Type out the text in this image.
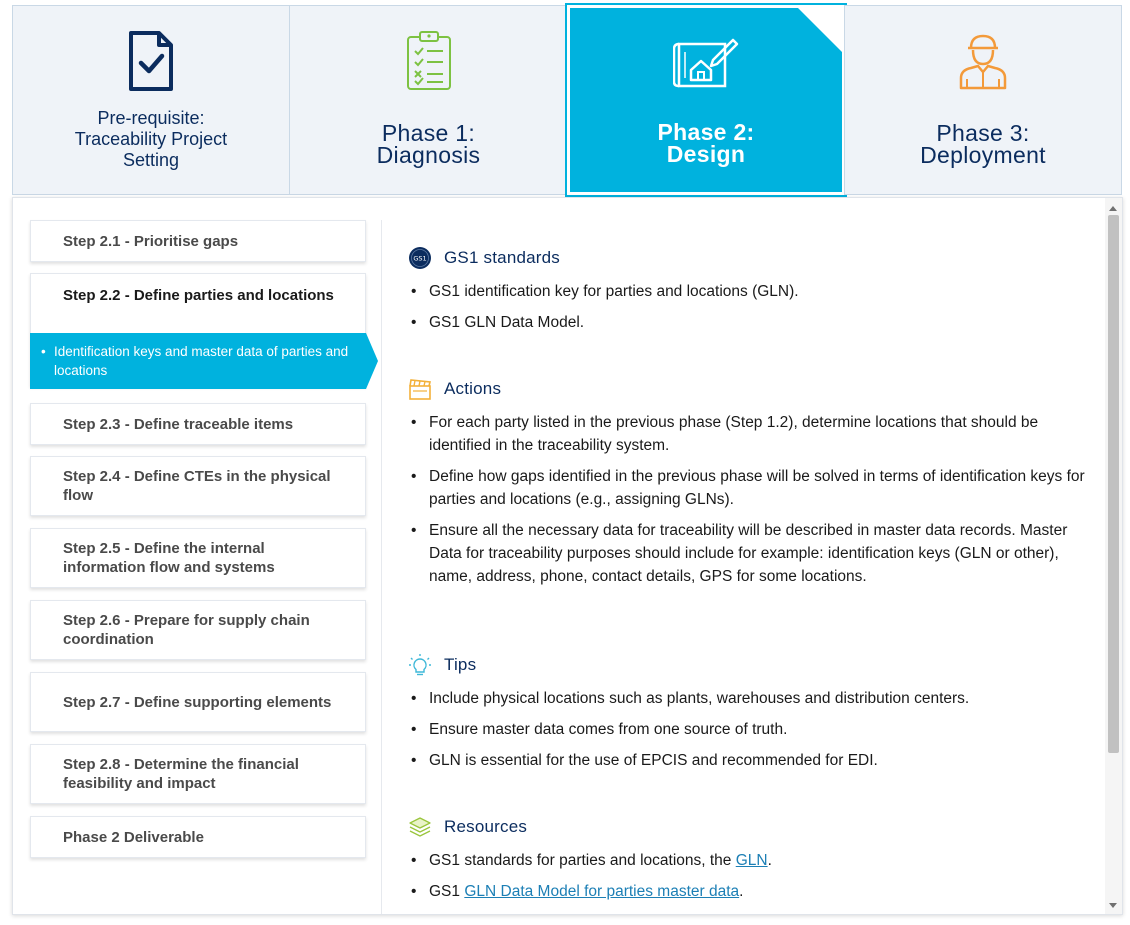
Pre-requisite: Traceability Project Setting
Phase 1:
Diagnosis
Phase 2:
Design
Phase 3:
Deployment
Step 2.1 - Prioritise gaps
Step 2.2 - Define parties and locations
• Identification keys and master data of parties and locations
Step 2.3 - Define traceable items
Step 2.4 - Define CTEs in the physical flow
Step 2.5 - Define the internal information flow and systems
Step 2.6 - Prepare for supply chain coordination
Step 2.7 - Define supporting elements
Step 2.8 - Determine the financial feasibility and impact
Phase 2 Deliverable
GS1 GS1 standards
• GS1 identification key for parties and locations (GLN).
• GS1 GLN Data Model.
Actions
• For each party listed in the previous phase (Step 1.2), determine locations that should be identified in the traceability system.
• Define how gaps identified in the previous phase will be solved in terms of identification keys for parties and locations (e.g., assigning GLNs).
• Ensure all the necessary data for traceability will be described in master data records. Master Data for traceability purposes should include for example: identification keys (GLN or other), name, address, phone, contact details, GPS for some locations.
Tips
• Include physical locations such as plants, warehouses and distribution centers.
• Ensure master data comes from one source of truth.
• GLN is essential for the use of EPCIS and recommended for EDI.
Resources
• GS1 standards for parties and locations, the GLN.
• GS1 GLN Data Model for parties master data.
